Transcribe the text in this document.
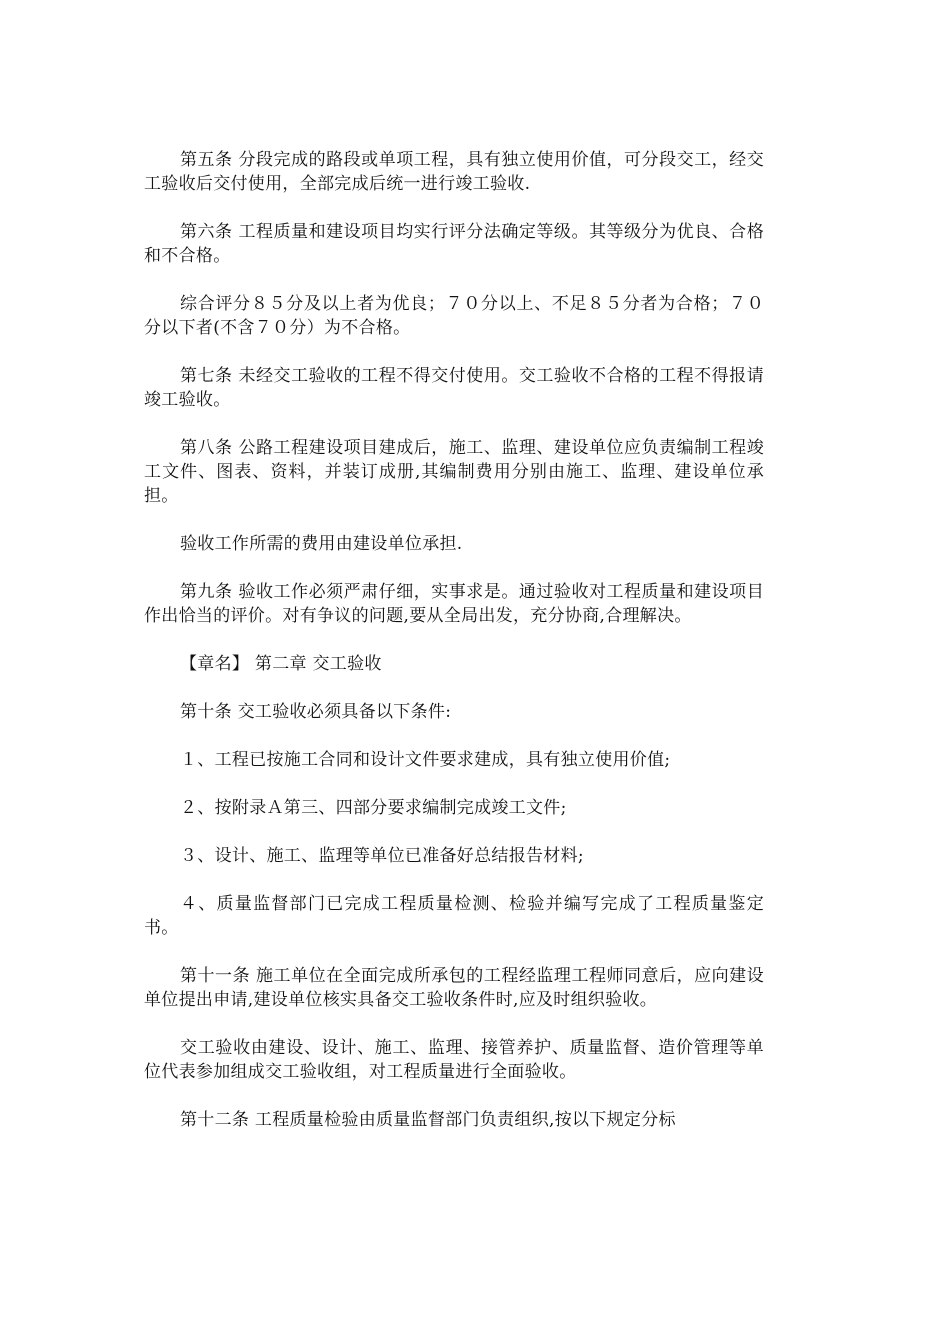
第五条 分段完成的路段或单项工程，具有独立使用价值，可分段交工，经交工验收后交付使用，全部完成后统一进行竣工验收.

第六条 工程质量和建设项目均实行评分法确定等级。其等级分为优良、合格和不合格。

综合评分８５分及以上者为优良；７０分以上、不足８５分者为合格；７０分以下者(不含７０分）为不合格。

第七条 未经交工验收的工程不得交付使用。交工验收不合格的工程不得报请竣工验收。

第八条 公路工程建设项目建成后，施工、监理、建设单位应负责编制工程竣工文件、图表、资料，并装订成册,其编制费用分别由施工、监理、建设单位承担。

验收工作所需的费用由建设单位承担.

第九条 验收工作必须严肃仔细，实事求是。通过验收对工程质量和建设项目作出恰当的评价。对有争议的问题,要从全局出发，充分协商,合理解决。

【章名】 第二章 交工验收

第十条 交工验收必须具备以下条件:

１、工程已按施工合同和设计文件要求建成，具有独立使用价值;

２、按附录Ａ第三、四部分要求编制完成竣工文件;

３、设计、施工、监理等单位已准备好总结报告材料;

４、质量监督部门已完成工程质量检测、检验并编写完成了工程质量鉴定书。

第十一条 施工单位在全面完成所承包的工程经监理工程师同意后，应向建设单位提出申请,建设单位核实具备交工验收条件时,应及时组织验收。

交工验收由建设、设计、施工、监理、接管养护、质量监督、造价管理等单位代表参加组成交工验收组，对工程质量进行全面验收。

第十二条 工程质量检验由质量监督部门负责组织,按以下规定分标
